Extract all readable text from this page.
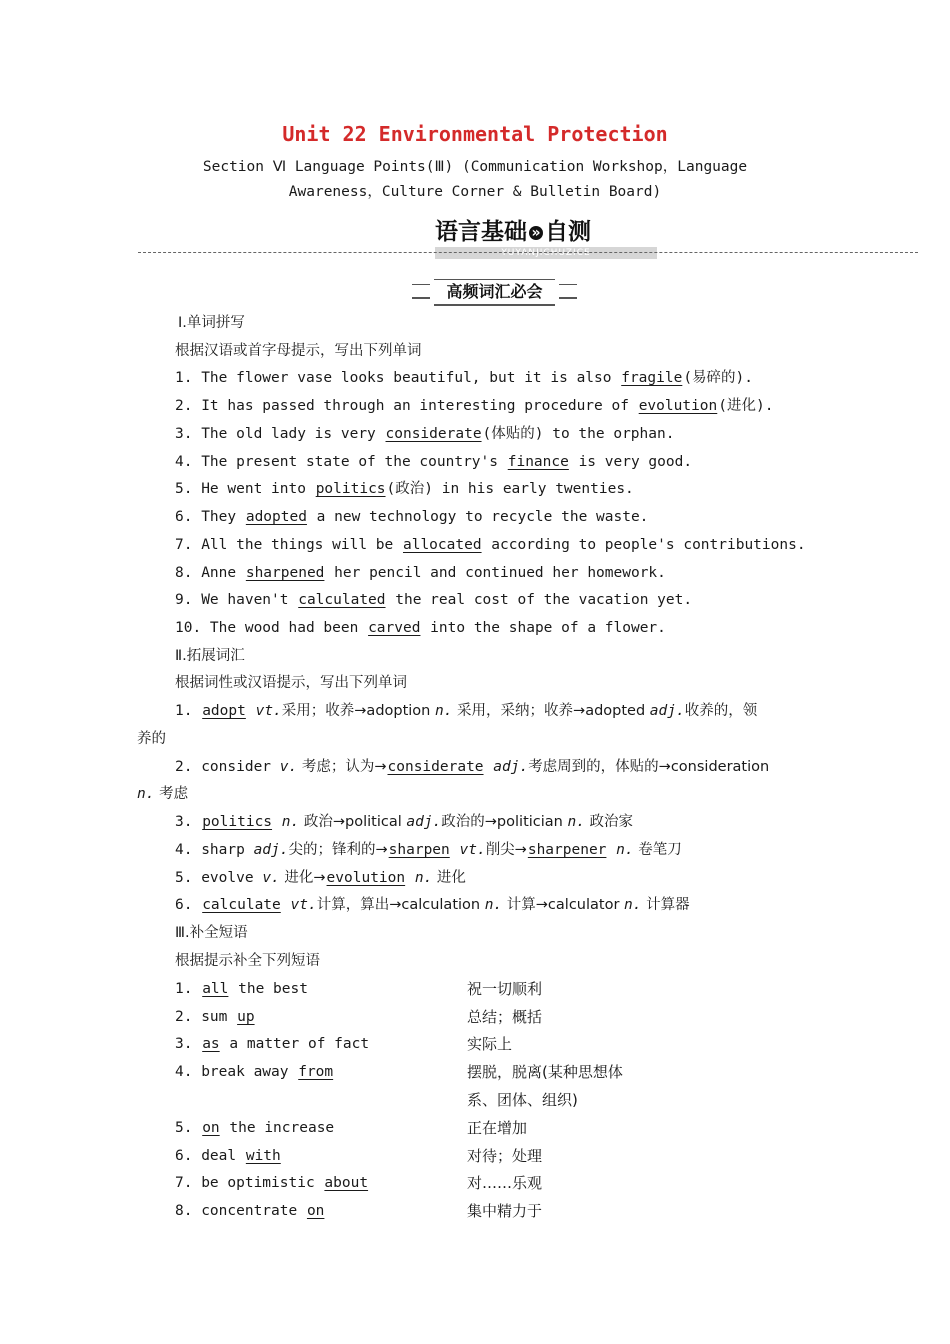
Unit 22 Environmental Protection
Section Ⅵ Language Points(Ⅲ) (Communication Workshop，Language
Awareness，Culture Corner & Bulletin Board)
语言基础 » 自测
YUYANJICHUZICE
高频词汇必会
Ⅰ.单词拼写
根据汉语或首字母提示，写出下列单词
1. The flower vase looks beautiful, but it is also fragile(易碎的).
2. It has passed through an interesting procedure of evolution(进化).
3. The old lady is very considerate(体贴的) to the orphan.
4. The present state of the country's finance is very good.
5. He went into politics(政治) in his early twenties.
6. They adopted a new technology to recycle the waste.
7. All the things will be allocated according to people's contributions.
8. Anne sharpened her pencil and continued her homework.
9. We haven't calculated the real cost of the vacation yet.
10. The wood had been carved into the shape of a flower.
Ⅱ.拓展词汇
根据词性或汉语提示，写出下列单词
1. adopt vt.采用；收养→adoption n. 采用，采纳；收养→adopted adj.收养的，领
养的
2. consider v. 考虑；认为→considerate adj.考虑周到的，体贴的→consideration
n. 考虑
3. politics n. 政治→political adj.政治的→politician n. 政治家
4. sharp adj.尖的；锋利的→sharpen vt.削尖→sharpener n. 卷笔刀
5. evolve v. 进化→evolution n. 进化
6. calculate vt.计算，算出→calculation n. 计算→calculator n. 计算器
Ⅲ.补全短语
根据提示补全下列短语
1. all the best	祝一切顺利
2. sum up	总结；概括
3. as a matter of fact	实际上
4. break away from	摆脱，脱离(某种思想体
系、团体、组织)
5. on the increase	正在增加
6. deal with	对待；处理
7. be optimistic about	对……乐观
8. concentrate on	集中精力于
